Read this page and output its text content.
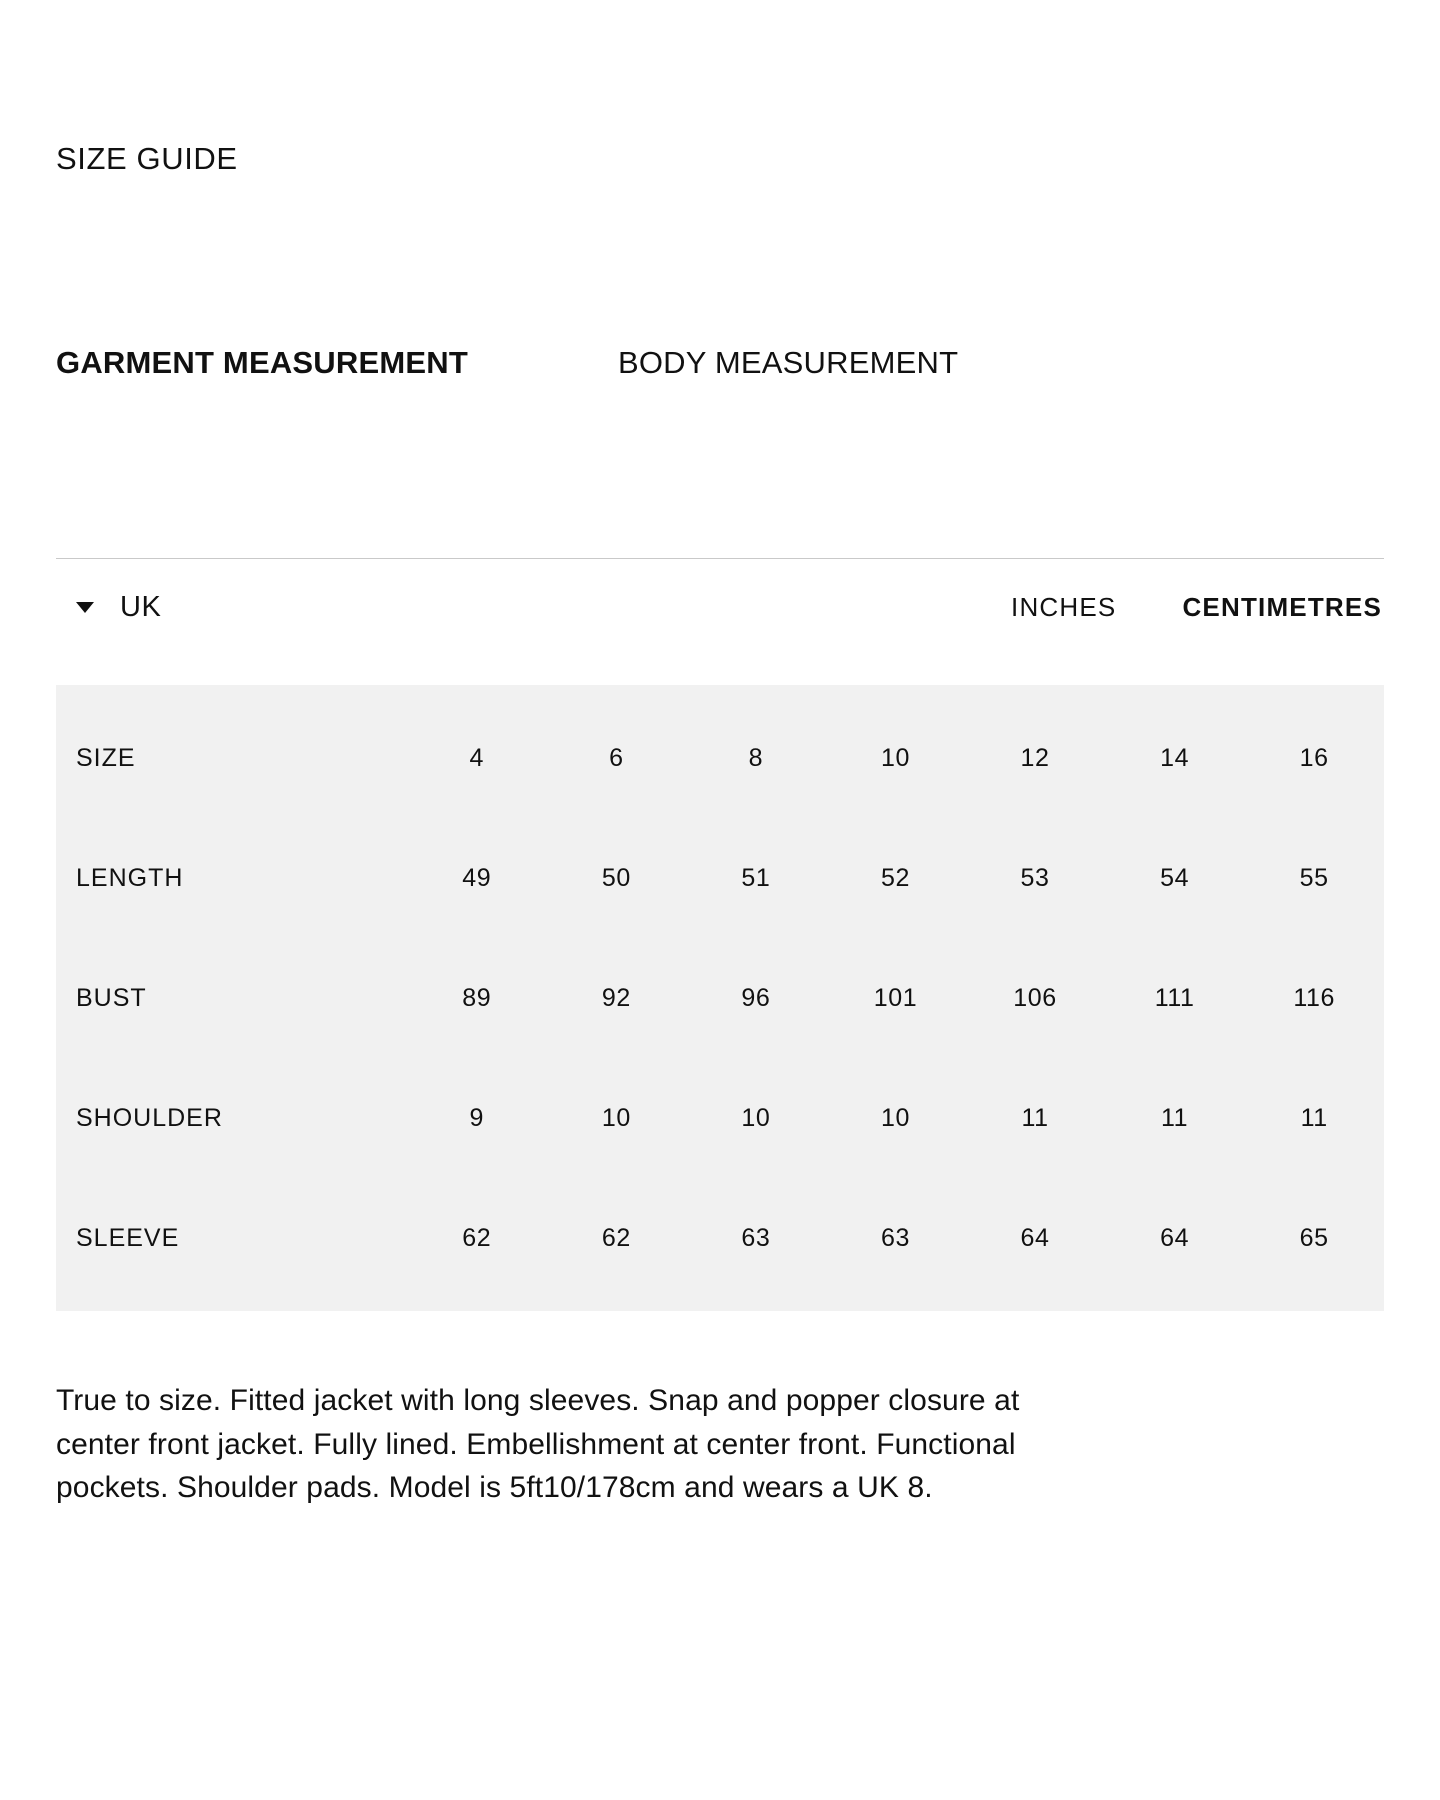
SIZE GUIDE
GARMENT MEASUREMENT	BODY MEASUREMENT
UK	INCHES	CENTIMETRES
SIZE	4	6	8	10	12	14	16
LENGTH	49	50	51	52	53	54	55
BUST	89	92	96	101	106	111	116
SHOULDER	9	10	10	10	11	11	11
SLEEVE	62	62	63	63	64	64	65
True to size. Fitted jacket with long sleeves. Snap and popper closure at center front jacket. Fully lined. Embellishment at center front. Functional pockets. Shoulder pads. Model is 5ft10/178cm and wears a UK 8.
